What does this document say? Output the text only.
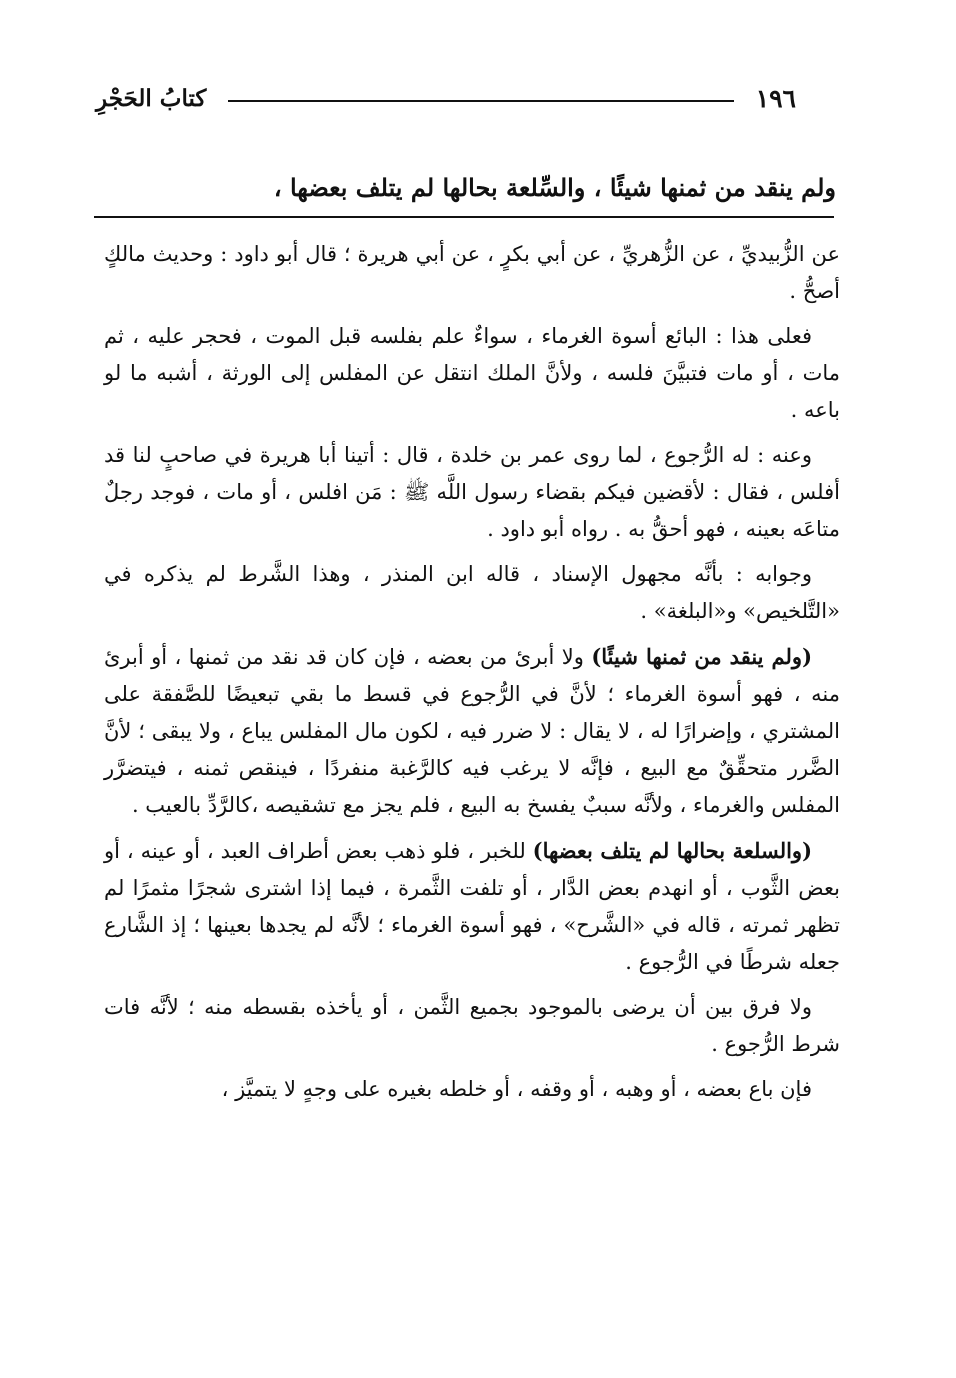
كتابُ الحَجْرِ	١٩٦
ولم ينقد من ثمنها شيئًا ، والسِّلعة بحالها لم يتلف بعضها ،

عن الزُّبيديِّ ، عن الزُّهريِّ ، عن أبي بكرٍ ، عن أبي هريرة ؛ قال أبو داود : وحديث مالكٍ أصحُّ .

فعلى هذا : البائع أسوة الغرماء ، سواءٌ علم بفلسه قبل الموت ، فحجر عليه ، ثم مات ، أو مات فتبيَّنَ فلسه ، ولأنَّ الملك انتقل عن المفلس إلى الورثة ، أشبه ما لو باعه .

وعنه : له الرُّجوع ، لما روى عمر بن خلدة ، قال : أتينا أبا هريرة في صاحبٍ لنا قد أفلس ، فقال : لأقضين فيكم بقضاء رسول اللَّه ﷺ : مَن افلس ، أو مات ، فوجد رجلٌ متاعَه بعينه ، فهو أحقُّ به . رواه أبو داود .

وجوابه : بأنَّه مجهول الإسناد ، قاله ابن المنذر ، وهذا الشَّرط لم يذكره في «التَّلخيص» و«البلغة» .

(ولم ينقد من ثمنها شيئًا) ولا أبرئ من بعضه ، فإن كان قد نقد من ثمنها ، أو أبرئ منه ، فهو أسوة الغرماء ؛ لأنَّ في الرُّجوع في قسط ما بقي تبعيضًا للصَّفقة على المشتري ، وإضرارًا له ، لا يقال : لا ضرر فيه ، لكون مال المفلس يباع ، ولا يبقى ؛ لأنَّ الضَّرر متحقِّقٌ مع البيع ، فإنَّه لا يرغب فيه كالرَّغبة منفردًا ، فينقص ثمنه ، فيتضرَّر المفلس والغرماء ، ولأنَّه سببٌ يفسخ به البيع ، فلم يجز مع تشقيصه ،كالرَّدِّ بالعيب .

(والسلعة بحالها لم يتلف بعضها) للخبر ، فلو ذهب بعض أطراف العبد ، أو عينه ، أو بعض الثَّوب ، أو انهدم بعض الدَّار ، أو تلفت الثَّمرة ، فيما إذا اشترى شجرًا مثمرًا لم تظهر ثمرته ، قاله في «الشَّرح» ، فهو أسوة الغرماء ؛ لأنَّه لم يجدها بعينها ؛ إذ الشَّارع جعله شرطًا في الرُّجوع .

ولا فرق بين أن يرضى بالموجود بجميع الثَّمن ، أو يأخذه بقسطه منه ؛ لأنَّه فات شرط الرُّجوع .

فإن باع بعضه ، أو وهبه ، أو وقفه ، أو خلطه بغيره على وجهٍ لا يتميَّز ،
